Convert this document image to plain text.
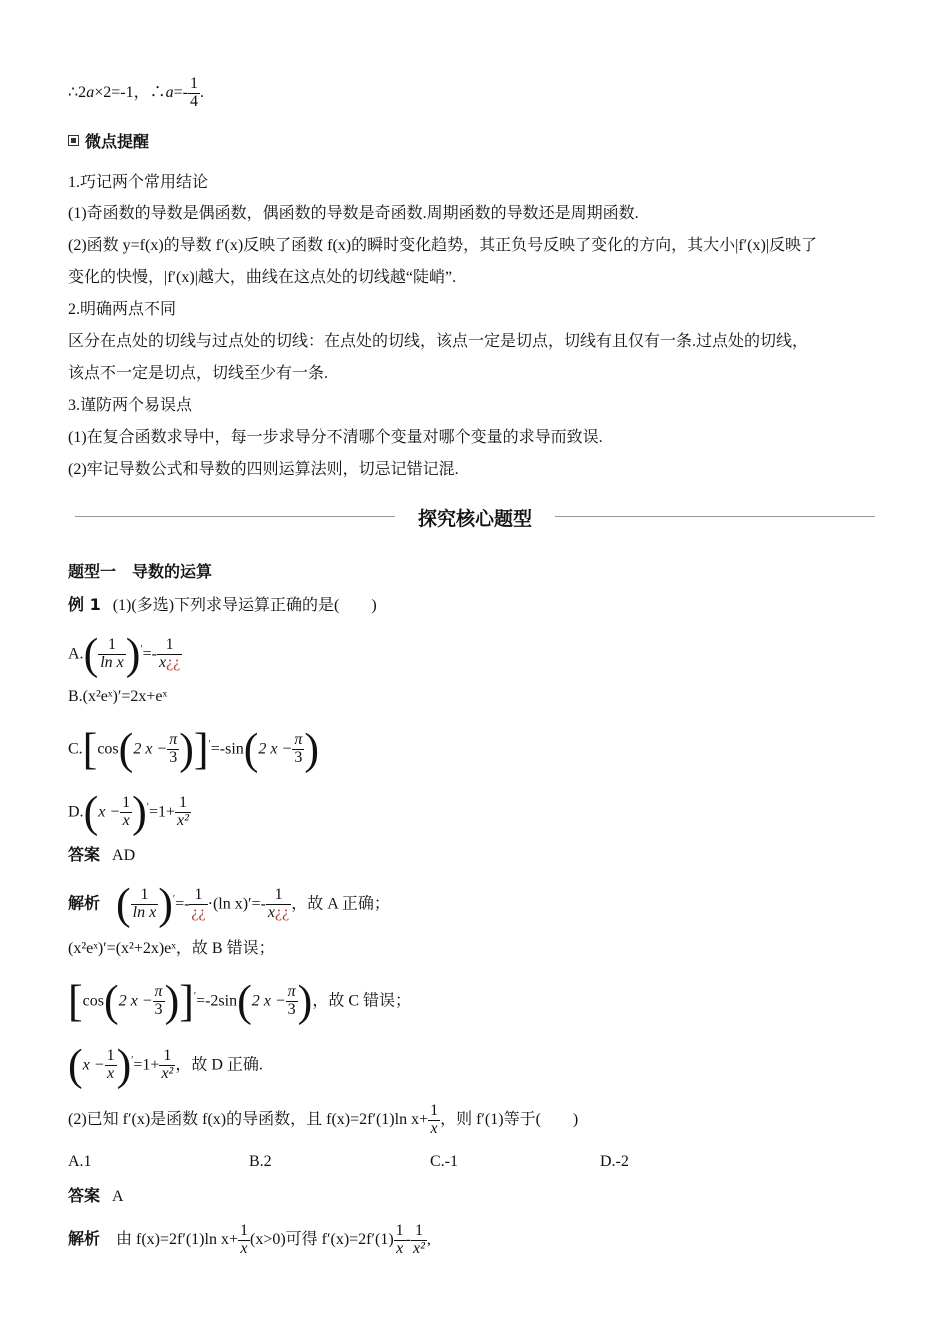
∴2a×2=-1，∴a=- $\frac{1}{4}$ .
微点提醒
1.巧记两个常用结论
(1)奇函数的导数是偶函数，偶函数的导数是奇函数.周期函数的导数还是周期函数.
(2)函数 y=f(x)的导数 f′(x)反映了函数 f(x)的瞬时变化趋势，其正负号反映了变化的方向，其大小|f′(x)|反映了
变化的快慢，|f′(x)|越大，曲线在这点处的切线越“陡峭”.
2.明确两点不同
区分在点处的切线与过点处的切线：在点处的切线，该点一定是切点，切线有且仅有一条.过点处的切线，
该点不一定是切点，切线至少有一条.
3.谨防两个易误点
(1)在复合函数求导中，每一步求导分不清哪个变量对哪个变量的求导而致误.
(2)牢记导数公式和导数的四则运算法则，切忌记错记混.
探究核心题型
题型一　导数的运算
例 1 (1)(多选)下列求导运算正确的是(　　)
$A.( \frac{1}{\text{ln x}} )'=- \frac{1}{x¿¿}$
B.(x²eˣ)′=2x+eˣ
C.[cos(2 $x - \frac{\pi}{3} )]'=-\sin(2$ $x - \frac{\pi}{3}$ )
$D.(x - \frac{1}{x} )'=1+ \frac{1}{\text{x²}}$
答案 AD
解析 ( $\frac{1}{\text{ln x}} )'=- \frac{1}{¿¿} \cdot(\ln$ $x)'=- \frac{1}{x¿¿}$ ，故 A 正确；
(x²eˣ)′=(x²+2x)eˣ，故 B 错误；
[cos(2 $x - \frac{\pi}{3} )]'=-2\sin(2$ $x - \frac{\pi}{3}$ )，故 C 错误；
$(x - \frac{1}{x} )'=1+ \frac{1}{\text{x²}}$ ，故 D 正确.
(2)已知 f′(x)是函数 f(x)的导函数，且 f(x)=2f′(1)ln $x+ \frac{1}{x}$ ，则 f′(1)等于(　　)
A.1	B.2	C.-1	D.-2
答案 A
解析 由 f(x)=2f′(1)ln $x+ \frac{1}{x} (x>0)$可得 $f'(x)=2f'(1) \frac{1}{x} - \frac{1}{\text{x²}}$ ,
